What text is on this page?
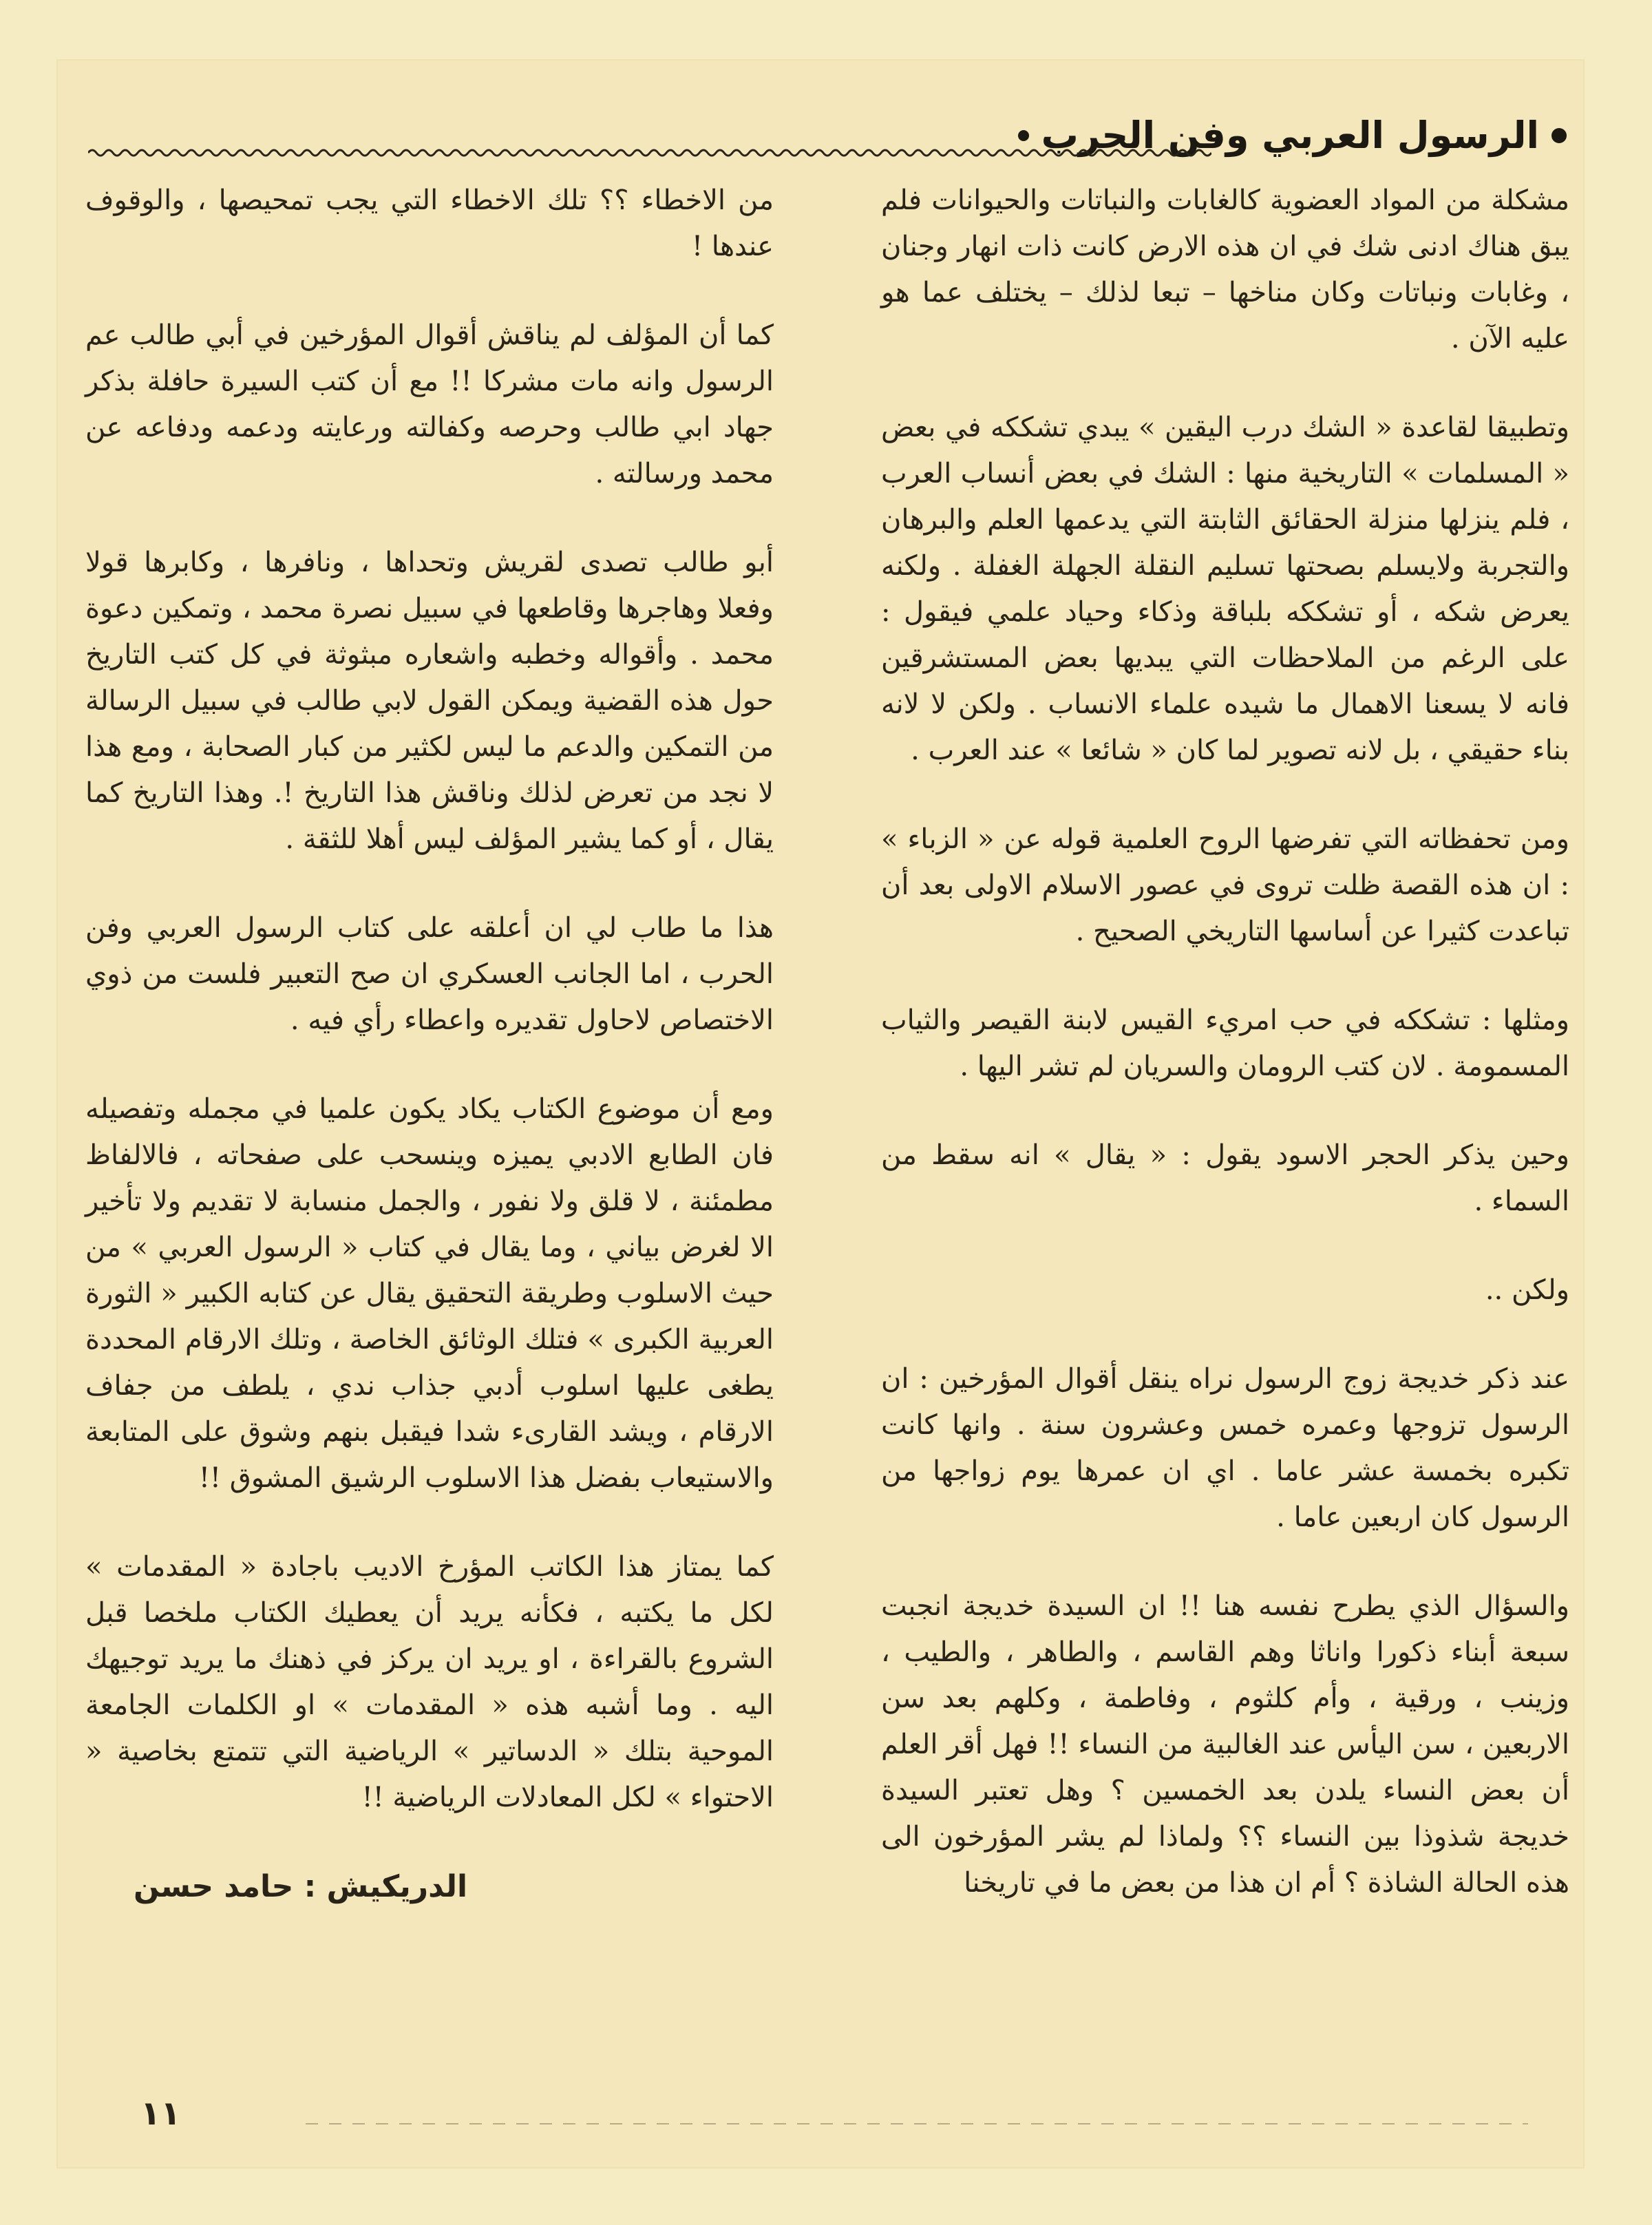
الرسول العربي وفن الحرب

مشكلة من المواد العضوية كالغابات والنباتات والحيوانات فلم يبق هناك ادنى شك في ان هذه الارض كانت ذات انهار وجنان ، وغابات ونباتات وكان مناخها – تبعا لذلك – يختلف عما هو عليه الآن .

وتطبيقا لقاعدة « الشك درب اليقين » يبدي تشككه في بعض « المسلمات » التاريخية منها : الشك في بعض أنساب العرب ، فلم ينزلها منزلة الحقائق الثابتة التي يدعمها العلم والبرهان والتجربة ولايسلم بصحتها تسليم النقلة الجهلة الغفلة . ولكنه يعرض شكه ، أو تشككه بلباقة وذكاء وحياد علمي فيقول : على الرغم من الملاحظات التي يبديها بعض المستشرقين فانه لا يسعنا الاهمال ما شيده علماء الانساب . ولكن لا لانه بناء حقيقي ، بل لانه تصوير لما كان « شائعا » عند العرب .

ومن تحفظاته التي تفرضها الروح العلمية قوله عن « الزباء » : ان هذه القصة ظلت تروى في عصور الاسلام الاولى بعد أن تباعدت كثيرا عن أساسها التاريخي الصحيح .

ومثلها : تشككه في حب امريء القيس لابنة القيصر والثياب المسمومة . لان كتب الرومان والسريان لم تشر اليها .

وحين يذكر الحجر الاسود يقول : « يقال » انه سقط من السماء .

ولكن ..

عند ذكر خديجة زوج الرسول نراه ينقل أقوال المؤرخين : ان الرسول تزوجها وعمره خمس وعشرون سنة . وانها كانت تكبره بخمسة عشر عاما . اي ان عمرها يوم زواجها من الرسول كان اربعين عاما .

والسؤال الذي يطرح نفسه هنا !! ان السيدة خديجة انجبت سبعة أبناء ذكورا واناثا وهم القاسم ، والطاهر ، والطيب ، وزينب ، ورقية ، وأم كلثوم ، وفاطمة ، وكلهم بعد سن الاربعين ، سن اليأس عند الغالبية من النساء !! فهل أقر العلم أن بعض النساء يلدن بعد الخمسين ؟ وهل تعتبر السيدة خديجة شذوذا بين النساء ؟؟ ولماذا لم يشر المؤرخون الى هذه الحالة الشاذة ؟ أم ان هذا من بعض ما في تاريخنا

من الاخطاء ؟؟ تلك الاخطاء التي يجب تمحيصها ، والوقوف عندها !

كما أن المؤلف لم يناقش أقوال المؤرخين في أبي طالب عم الرسول وانه مات مشركا !! مع أن كتب السيرة حافلة بذكر جهاد ابي طالب وحرصه وكفالته ورعايته ودعمه ودفاعه عن محمد ورسالته .

أبو طالب تصدى لقريش وتحداها ، ونافرها ، وكابرها قولا وفعلا وهاجرها وقاطعها في سبيل نصرة محمد ، وتمكين دعوة محمد . وأقواله وخطبه واشعاره مبثوثة في كل كتب التاريخ حول هذه القضية ويمكن القول لابي طالب في سبيل الرسالة من التمكين والدعم ما ليس لكثير من كبار الصحابة ، ومع هذا لا نجد من تعرض لذلك وناقش هذا التاريخ !. وهذا التاريخ كما يقال ، أو كما يشير المؤلف ليس أهلا للثقة .

هذا ما طاب لي ان أعلقه على كتاب الرسول العربي وفن الحرب ، اما الجانب العسكري ان صح التعبير فلست من ذوي الاختصاص لاحاول تقديره واعطاء رأي فيه .

ومع أن موضوع الكتاب يكاد يكون علميا في مجمله وتفصيله فان الطابع الادبي يميزه وينسحب على صفحاته ، فالالفاظ مطمئنة ، لا قلق ولا نفور ، والجمل منسابة لا تقديم ولا تأخير الا لغرض بياني ، وما يقال في كتاب « الرسول العربي » من حيث الاسلوب وطريقة التحقيق يقال عن كتابه الكبير « الثورة العربية الكبرى » فتلك الوثائق الخاصة ، وتلك الارقام المحددة يطغى عليها اسلوب أدبي جذاب ندي ، يلطف من جفاف الارقام ، ويشد القارىء شدا فيقبل بنهم وشوق على المتابعة والاستيعاب بفضل هذا الاسلوب الرشيق المشوق !!

كما يمتاز هذا الكاتب المؤرخ الاديب باجادة « المقدمات » لكل ما يكتبه ، فكأنه يريد أن يعطيك الكتاب ملخصا قبل الشروع بالقراءة ، او يريد ان يركز في ذهنك ما يريد توجيهك اليه . وما أشبه هذه « المقدمات » او الكلمات الجامعة الموحية بتلك « الدساتير » الرياضية التي تتمتع بخاصية « الاحتواء » لكل المعادلات الرياضية !!

الدريكيش : حامد حسن
١١
